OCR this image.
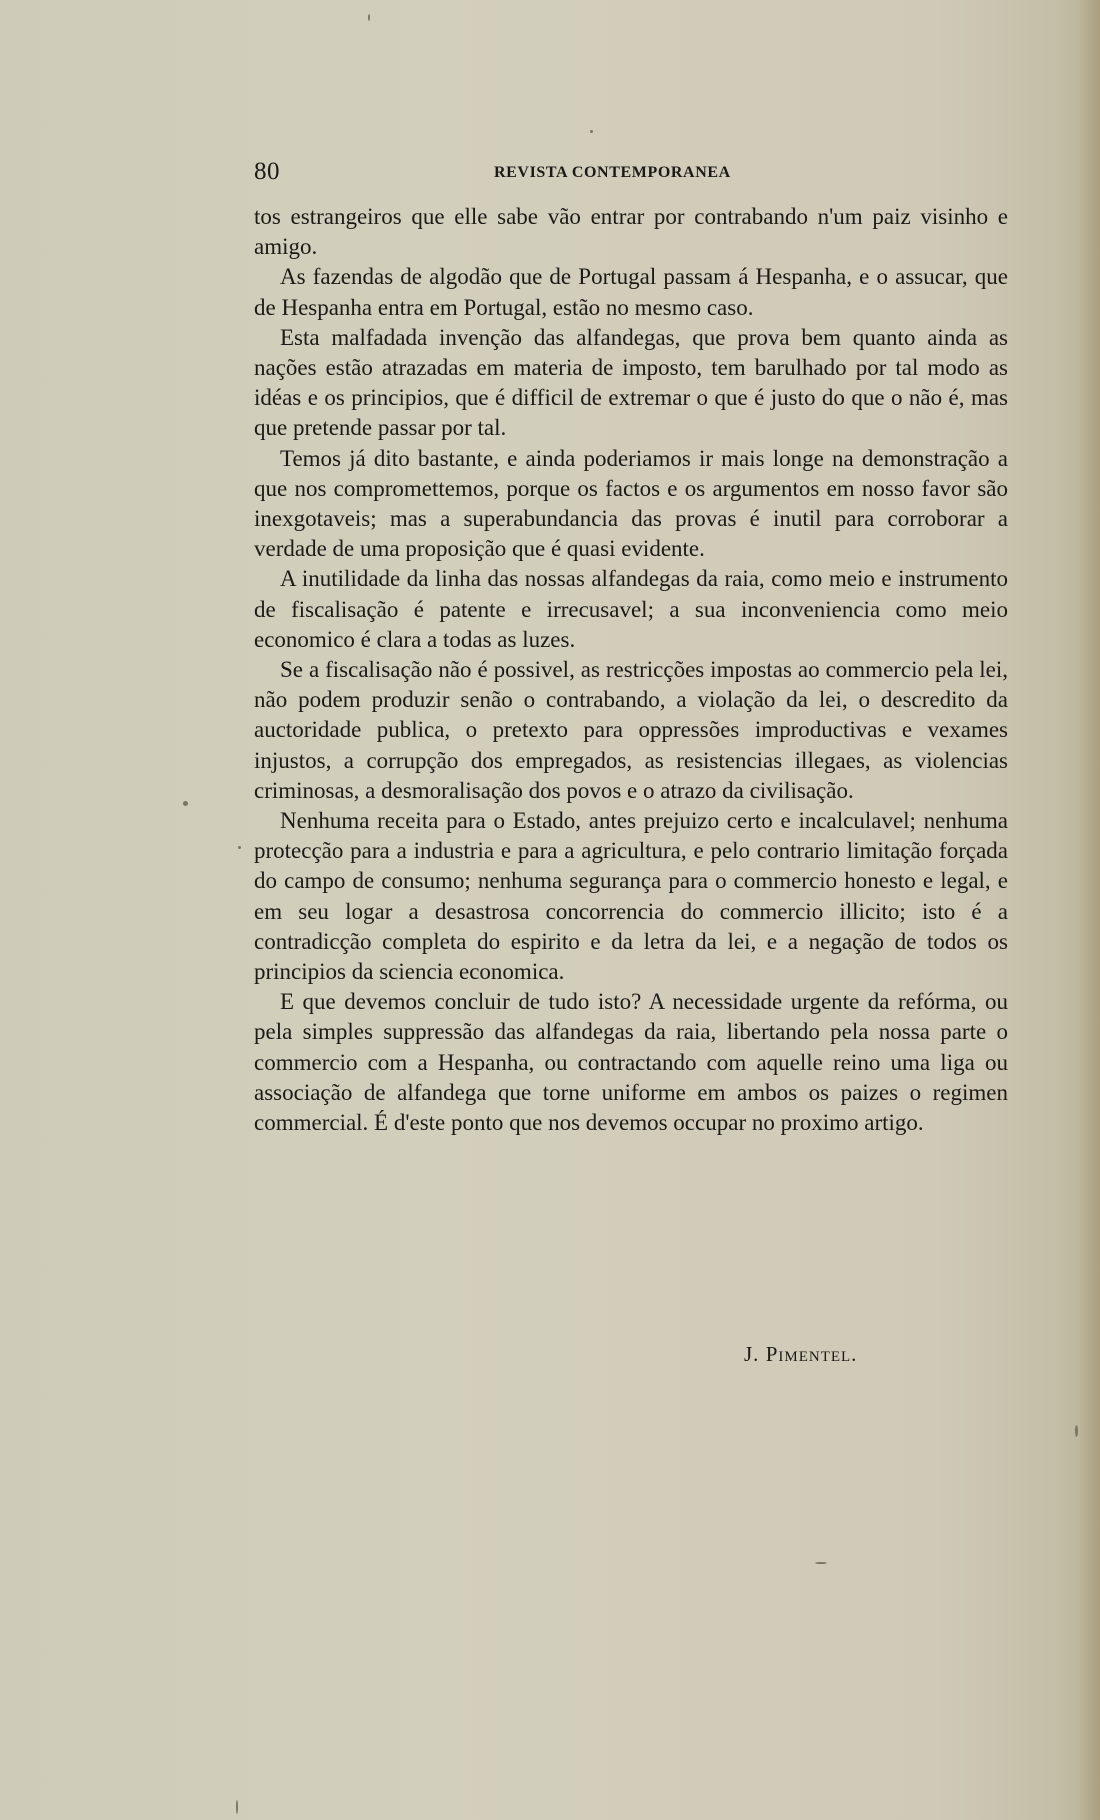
80	REVISTA CONTEMPORANEA

tos estrangeiros que elle sabe vão entrar por contrabando n'um paiz visinho e amigo.

As fazendas de algodão que de Portugal passam á Hespanha, e o assucar, que de Hespanha entra em Portugal, estão no mesmo caso.

Esta malfadada invenção das alfandegas, que prova bem quanto ainda as nações estão atrazadas em materia de imposto, tem barulhado por tal modo as idéas e os principios, que é difficil de extremar o que é justo do que o não é, mas que pretende passar por tal.

Temos já dito bastante, e ainda poderiamos ir mais longe na demonstração a que nos compromettemos, porque os factos e os argumentos em nosso favor são inexgotaveis; mas a superabundancia das provas é inutil para corroborar a verdade de uma proposição que é quasi evidente.

A inutilidade da linha das nossas alfandegas da raia, como meio e instrumento de fiscalisação é patente e irrecusavel; a sua inconveniencia como meio economico é clara a todas as luzes.

Se a fiscalisação não é possivel, as restricções impostas ao commercio pela lei, não podem produzir senão o contrabando, a violação da lei, o descredito da auctoridade publica, o pretexto para oppressões improductivas e vexames injustos, a corrupção dos empregados, as resistencias illegaes, as violencias criminosas, a desmoralisação dos povos e o atrazo da civilisação.

Nenhuma receita para o Estado, antes prejuizo certo e incalculavel; nenhuma protecção para a industria e para a agricultura, e pelo contrario limitação forçada do campo de consumo; nenhuma segurança para o commercio honesto e legal, e em seu logar a desastrosa concorrencia do commercio illicito; isto é a contradicção completa do espirito e da letra da lei, e a negação de todos os principios da sciencia economica.

E que devemos concluir de tudo isto? A necessidade urgente da refórma, ou pela simples suppressão das alfandegas da raia, libertando pela nossa parte o commercio com a Hespanha, ou contractando com aquelle reino uma liga ou associação de alfandega que torne uniforme em ambos os paizes o regimen commercial. É d'este ponto que nos devemos occupar no proximo artigo.

J. Pimentel.
